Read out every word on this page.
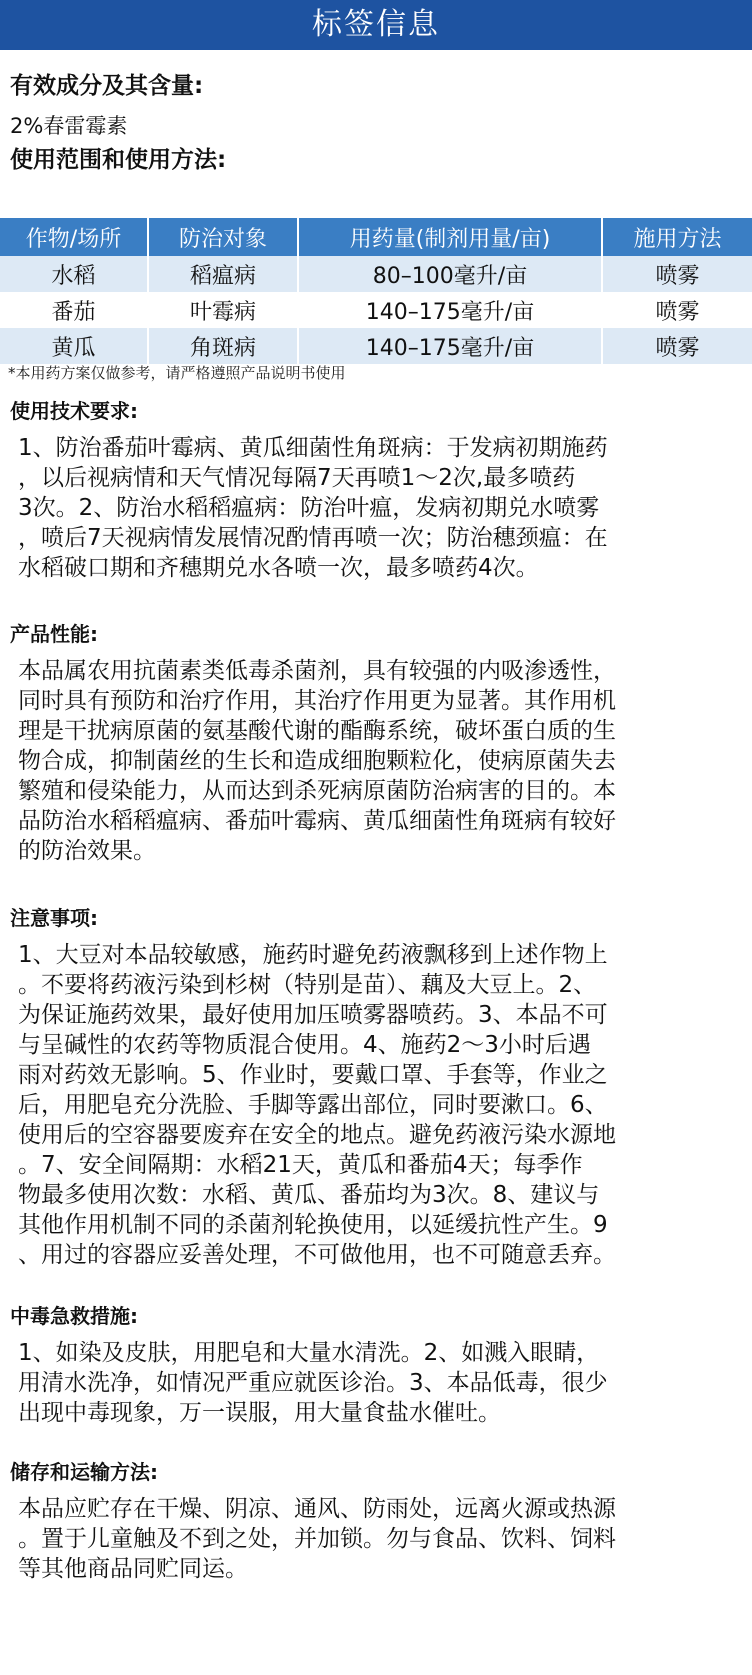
标签信息
有效成分及其含量:
2%春雷霉素
使用范围和使用方法:
作物/场所	防治对象	用药量(制剂用量/亩)	施用方法
水稻	稻瘟病	80–100毫升/亩	喷雾
番茄	叶霉病	140–175毫升/亩	喷雾
黄瓜	角斑病	140–175毫升/亩	喷雾
*本用药方案仅做参考，请严格遵照产品说明书使用
使用技术要求:
1、防治番茄叶霉病、黄瓜细菌性角斑病：于发病初期施药
，以后视病情和天气情况每隔7天再喷1～2次,最多喷药
3次。2、防治水稻稻瘟病：防治叶瘟，发病初期兑水喷雾
，喷后7天视病情发展情况酌情再喷一次；防治穗颈瘟：在
水稻破口期和齐穗期兑水各喷一次，最多喷药4次。
产品性能:
本品属农用抗菌素类低毒杀菌剂，具有较强的内吸渗透性，
同时具有预防和治疗作用，其治疗作用更为显著。其作用机
理是干扰病原菌的氨基酸代谢的酯酶系统，破坏蛋白质的生
物合成，抑制菌丝的生长和造成细胞颗粒化，使病原菌失去
繁殖和侵染能力，从而达到杀死病原菌防治病害的目的。本
品防治水稻稻瘟病、番茄叶霉病、黄瓜细菌性角斑病有较好
的防治效果。
注意事项:
1、大豆对本品较敏感，施药时避免药液飘移到上述作物上
。不要将药液污染到杉树（特别是苗）、藕及大豆上。2、
为保证施药效果，最好使用加压喷雾器喷药。3、本品不可
与呈碱性的农药等物质混合使用。4、施药2～3小时后遇
雨对药效无影响。5、作业时，要戴口罩、手套等，作业之
后，用肥皂充分洗脸、手脚等露出部位，同时要漱口。6、
使用后的空容器要废弃在安全的地点。避免药液污染水源地
。7、安全间隔期：水稻21天，黄瓜和番茄4天；每季作
物最多使用次数：水稻、黄瓜、番茄均为3次。8、建议与
其他作用机制不同的杀菌剂轮换使用，以延缓抗性产生。9
、用过的容器应妥善处理，不可做他用，也不可随意丢弃。
中毒急救措施:
1、如染及皮肤，用肥皂和大量水清洗。2、如溅入眼睛，
用清水洗净，如情况严重应就医诊治。3、本品低毒，很少
出现中毒现象，万一误服，用大量食盐水催吐。
储存和运输方法:
本品应贮存在干燥、阴凉、通风、防雨处，远离火源或热源
。置于儿童触及不到之处，并加锁。勿与食品、饮料、饲料
等其他商品同贮同运。
